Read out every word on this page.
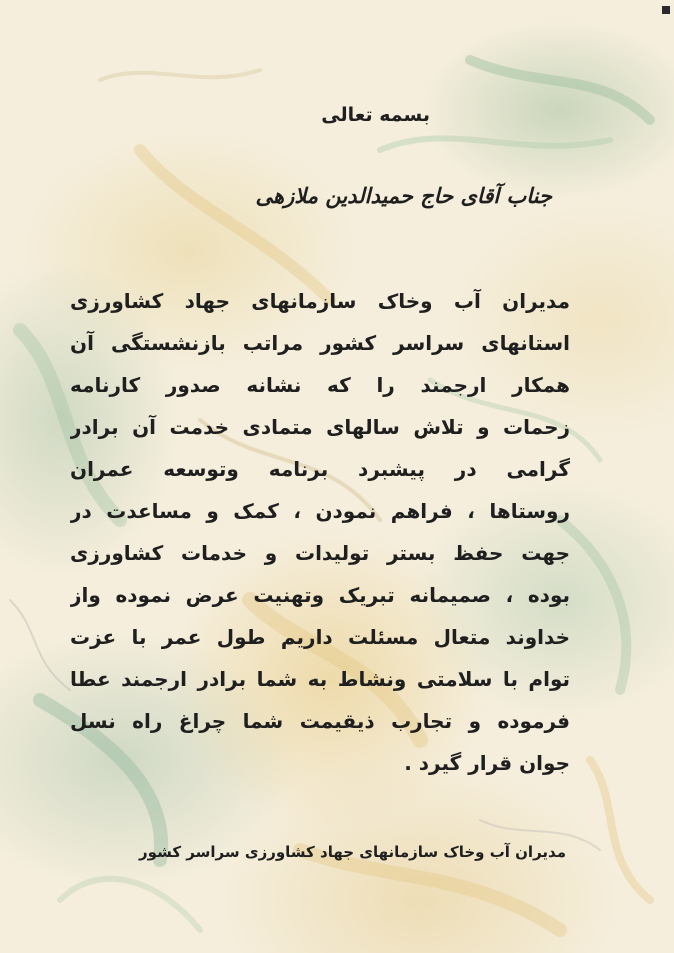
بسمه تعالی

جناب آقای حاج حمیدالدین ملازهی

مدیران آب وخاک سازمانهای جهاد کشاورزی
استانهای سراسر کشور مراتب بازنشستگی آن
همکار ارجمند را که نشانه صدور کارنامه
زحمات و تلاش سالهای متمادی خدمت آن برادر
گرامی در پیشبرد برنامه وتوسعه عمران
روستاها ، فراهم نمودن ، کمک و مساعدت در
جهت حفظ بستر تولیدات و خدمات کشاورزی
بوده ، صمیمانه تبریک وتهنیت عرض نموده واز
خداوند متعال مسئلت داریم طول عمر با عزت
توام با سلامتی ونشاط به شما برادر ارجمند عطا
فرموده و تجارب ذیقیمت شما چراغ راه نسل
جوان قرار گیرد .

مدیران آب وخاک سازمانهای جهاد کشاورزی سراسر کشور
